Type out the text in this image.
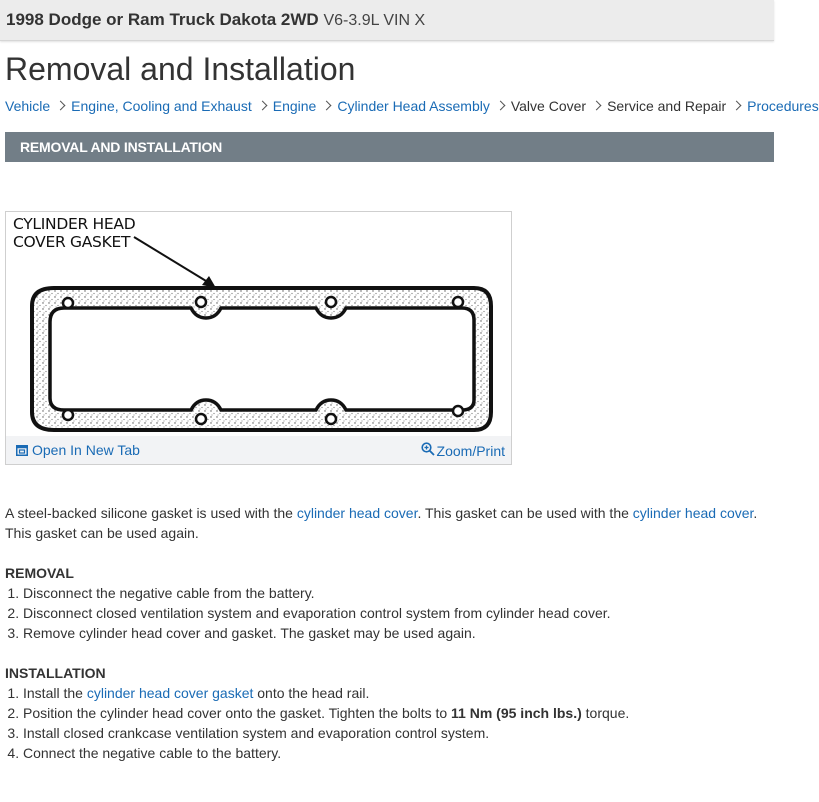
1998 Dodge or Ram Truck Dakota 2WD V6-3.9L VIN X
Removal and Installation
Vehicle Engine, Cooling and Exhaust Engine Cylinder Head Assembly Valve Cover Service and Repair Procedures
REMOVAL AND INSTALLATION
CYLINDER HEAD
COVER GASKET
Open In New Tab	Zoom/Print

A steel-backed silicone gasket is used with the cylinder head cover. This gasket can be used with the cylinder head cover. This gasket can be used again.

REMOVAL
1. Disconnect the negative cable from the battery.
2. Disconnect closed ventilation system and evaporation control system from cylinder head cover.
3. Remove cylinder head cover and gasket. The gasket may be used again.
INSTALLATION
1. Install the cylinder head cover gasket onto the head rail.
2. Position the cylinder head cover onto the gasket. Tighten the bolts to 11 Nm (95 inch lbs.) torque.
3. Install closed crankcase ventilation system and evaporation control system.
4. Connect the negative cable to the battery.
